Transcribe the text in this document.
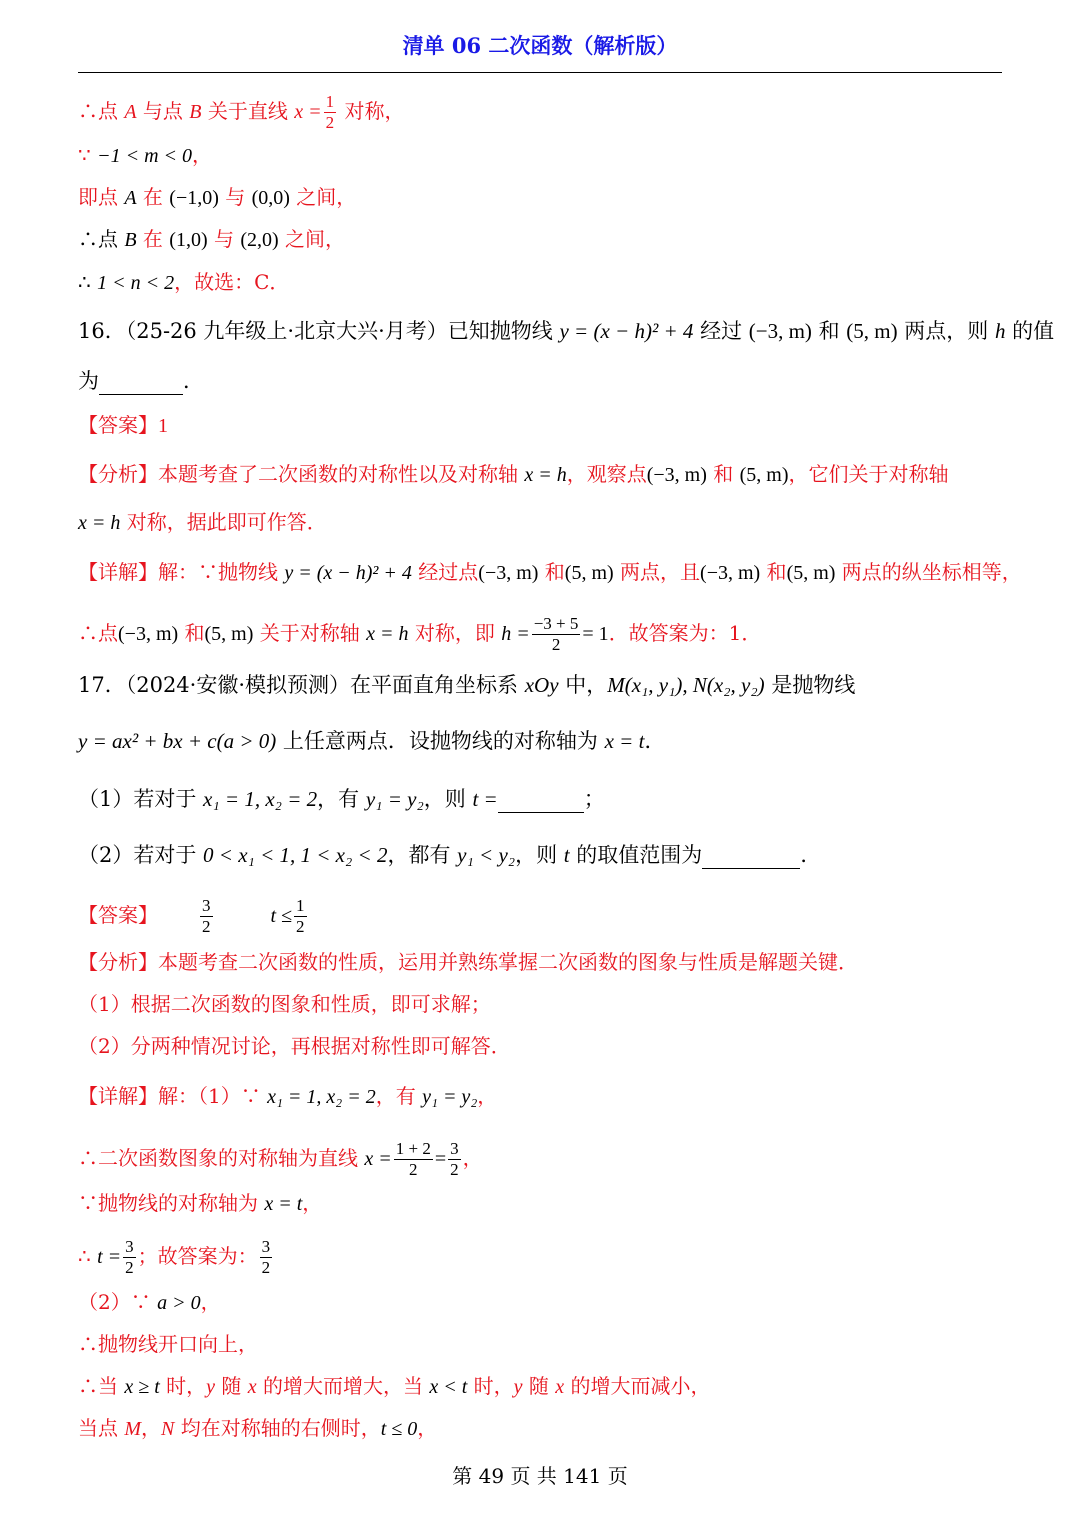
清单 06 二次函数（解析版）
∴点 A 与点 B 关于直线 $x = \frac{1}{2}$ 对称，
∵ −1 < m < 0，
即点 A 在 (−1,0) 与 (0,0) 之间，
∴点 B 在 (1,0) 与 (2,0) 之间，
∴ 1 < n < 2，故选：C．
16．（25-26 九年级上·北京大兴·月考）已知抛物线 y = (x − h)² + 4 经过 (−3, m) 和 (5, m) 两点，则 h 的值
为	．
【答案】1
【分析】本题考查了二次函数的对称性以及对称轴 x = h，观察点(−3, m) 和 (5, m)，它们关于对称轴
x = h 对称，据此即可作答．
【详解】解：∵抛物线 y = (x − h)² + 4 经过点(−3, m) 和(5, m) 两点，且(−3, m) 和(5, m) 两点的纵坐标相等，
∴点(−3, m) 和(5, m) 关于对称轴 x = h 对称，即 $h = \frac{-3 + 5}{2} = 1$．故答案为：1．
17．（2024·安徽·模拟预测）在平面直角坐标系 xOy 中，M(x₁, y₁), N(x₂, y₂) 是抛物线
y = ax² + bx + c(a > 0) 上任意两点．设抛物线的对称轴为 x = t．
（1）若对于 x₁ = 1, x₂ = 2，有 y₁ = y₂，则 t =	；
（2）若对于 0 < x₁ < 1, 1 < x₂ < 2，都有 y₁ < y₂，则 t 的取值范围为	．
【答案】 $\frac{3}{2}$	$t \le \frac{1}{2}$
【分析】本题考查二次函数的性质，运用并熟练掌握二次函数的图象与性质是解题关键．
（1）根据二次函数的图象和性质，即可求解；
（2）分两种情况讨论，再根据对称性即可解答．
【详解】解：（1）∵ x₁ = 1, x₂ = 2，有 y₁ = y₂，
∴二次函数图象的对称轴为直线 $x = \frac{1 + 2}{2} = \frac{3}{2}$ ，
∵抛物线的对称轴为 x = t，
∴ $t = \frac{3}{2}$ ；故答案为： $\frac{3}{2}$
（2）∵ a > 0，
∴抛物线开口向上，
∴当 x ≥ t 时，y 随 x 的增大而增大，当 x < t 时，y 随 x 的增大而减小，
当点 M，N 均在对称轴的右侧时，t ≤ 0，
第 49 页 共 141 页
